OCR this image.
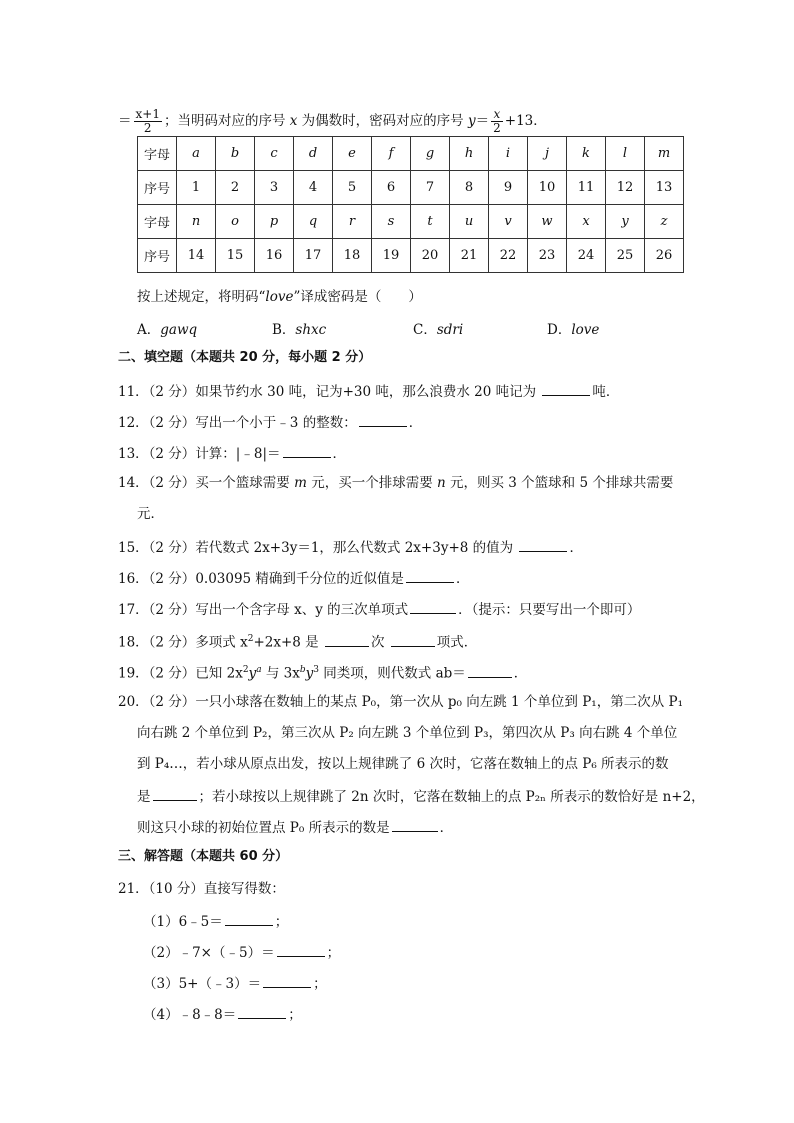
＝ $\frac{x+1}{2}$ ；当明码对应的序号 x 为偶数时，密码对应的序号 $y= \frac{x}{2} +13$．
字母	a	b	c	d	e	f	g	h	i	j	k	l	m
序号	1	2	3	4	5	6	7	8	9	10	11	12	13
字母	n	o	p	q	r	s	t	u	v	w	x	y	z
序号	14	15	16	17	18	19	20	21	22	23	24	25	26
按上述规定，将明码“love”译成密码是（　　）
A．gawq	B．shxc	C．sdri	D．love
二、填空题（本题共 20 分，每小题 2 分）
11．（2 分）如果节约水 30 吨，记为+30 吨，那么浪费水 20 吨记为	吨．
12．（2 分）写出一个小于﹣3 的整数：	．
13．（2 分）计算：|﹣8|＝	．
14．（2 分）买一个篮球需要 m 元，买一个排球需要 n 元，则买 3 个篮球和 5 个排球共需要
元．
15．（2 分）若代数式 2x+3y＝1，那么代数式 2x+3y+8 的值为	．
16．（2 分）0.03095 精确到千分位的近似值是	．
17．（2 分）写出一个含字母 x、y 的三次单项式	．（提示：只要写出一个即可）
18．（2 分）多项式 $x^2+2x+8$ 是	次	项式．
19．（2 分）已知 $2x^2y^a$ 与 $3x^by^3$ 同类项，则代数式 ab＝	．
20．（2 分）一只小球落在数轴上的某点 P₀，第一次从 p₀ 向左跳 1 个单位到 P₁，第二次从 P₁
向右跳 2 个单位到 P₂，第三次从 P₂ 向左跳 3 个单位到 P₃，第四次从 P₃ 向右跳 4 个单位
到 P₄…，若小球从原点出发，按以上规律跳了 6 次时，它落在数轴上的点 P₆ 所表示的数
是	；若小球按以上规律跳了 2n 次时，它落在数轴上的点 P₂ₙ 所表示的数恰好是 n+2，
则这只小球的初始位置点 P₀ 所表示的数是	．
三、解答题（本题共 60 分）
21．（10 分）直接写得数：
（1）6﹣5＝	；
（2）﹣7×（﹣5）＝	；
（3）5+（﹣3）＝	；
（4）﹣8﹣8＝	；
